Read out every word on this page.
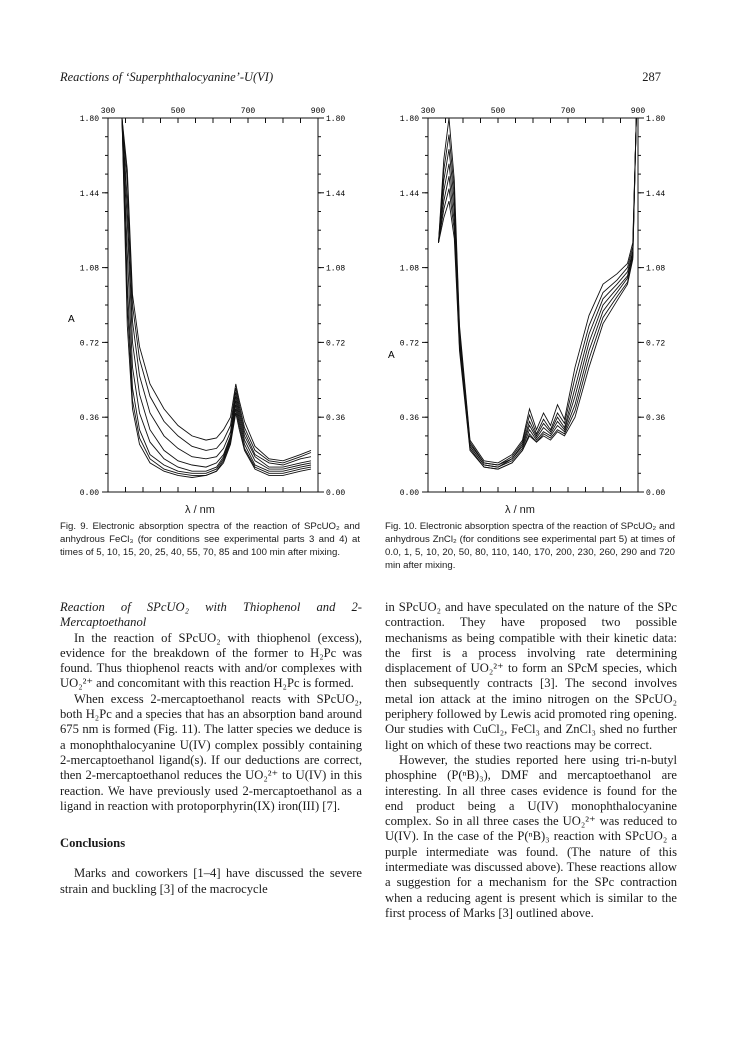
Reactions of ‘Superphthalocyanine’-U(VI)	287
1.80	1.80
1.44	1.44
1.08	1.08
0.72	0.72
0.36	0.36
0.00	0.00
300	500	700	900
A
λ / nm
Fig. 9. Electronic absorption spectra of the reaction of SPcUO₂ and anhydrous FeCl₃ (for conditions see experimental parts 3 and 4) at times of 5, 10, 15, 20, 25, 40, 55, 70, 85 and 100 min after mixing.
1.80	1.80
1.44	1.44
1.08	1.08
0.72	0.72
0.36	0.36
0.00	0.00
300	500	700	900
A
λ / nm
Fig. 10. Electronic absorption spectra of the reaction of SPcUO₂ and anhydrous ZnCl₂ (for conditions see experimental part 5) at times of 0.0, 1, 5, 10, 20, 50, 80, 110, 140, 170, 200, 230, 260, 290 and 720 min after mixing.

Reaction of SPcUO₂ with Thiophenol and 2-Mercaptoethanol

In the reaction of SPcUO₂ with thiophenol (excess), evidence for the breakdown of the former to H₂Pc was found. Thus thiophenol reacts with and/or complexes with UO₂²⁺ and concomitant with this reaction H₂Pc is formed.

When excess 2-mercaptoethanol reacts with SPcUO₂, both H₂Pc and a species that has an absorption band around 675 nm is formed (Fig. 11). The latter species we deduce is a monophthalocyanine U(IV) complex possibly containing 2-mercaptoethanol ligand(s). If our deductions are correct, then 2-mercaptoethanol reduces the UO₂²⁺ to U(IV) in this reaction. We have previously used 2-mercaptoethanol as a ligand in reaction with protoporphyrin(IX) iron(III) [7].

Conclusions

Marks and coworkers [1–4] have discussed the severe strain and buckling [3] of the macrocycle

in SPcUO₂ and have speculated on the nature of the SPc contraction. They have proposed two possible mechanisms as being compatible with their kinetic data: the first is a process involving rate determining displacement of UO₂²⁺ to form an SPcM species, which then subsequently contracts [3]. The second involves metal ion attack at the imino nitrogen on the SPcUO₂ periphery followed by Lewis acid promoted ring opening. Our studies with CuCl₂, FeCl₃ and ZnCl₃ shed no further light on which of these two reactions may be correct.

However, the studies reported here using tri-n-butyl phosphine (P(ⁿB)₃), DMF and mercaptoethanol are interesting. In all three cases evidence is found for the end product being a U(IV) monophthalocyanine complex. So in all three cases the UO₂²⁺ was reduced to U(IV). In the case of the P(ⁿB)₃ reaction with SPcUO₂ a purple intermediate was found. (The nature of this intermediate was discussed above). These reactions allow a suggestion for a mechanism for the SPc contraction when a reducing agent is present which is similar to the first process of Marks [3] outlined above.
